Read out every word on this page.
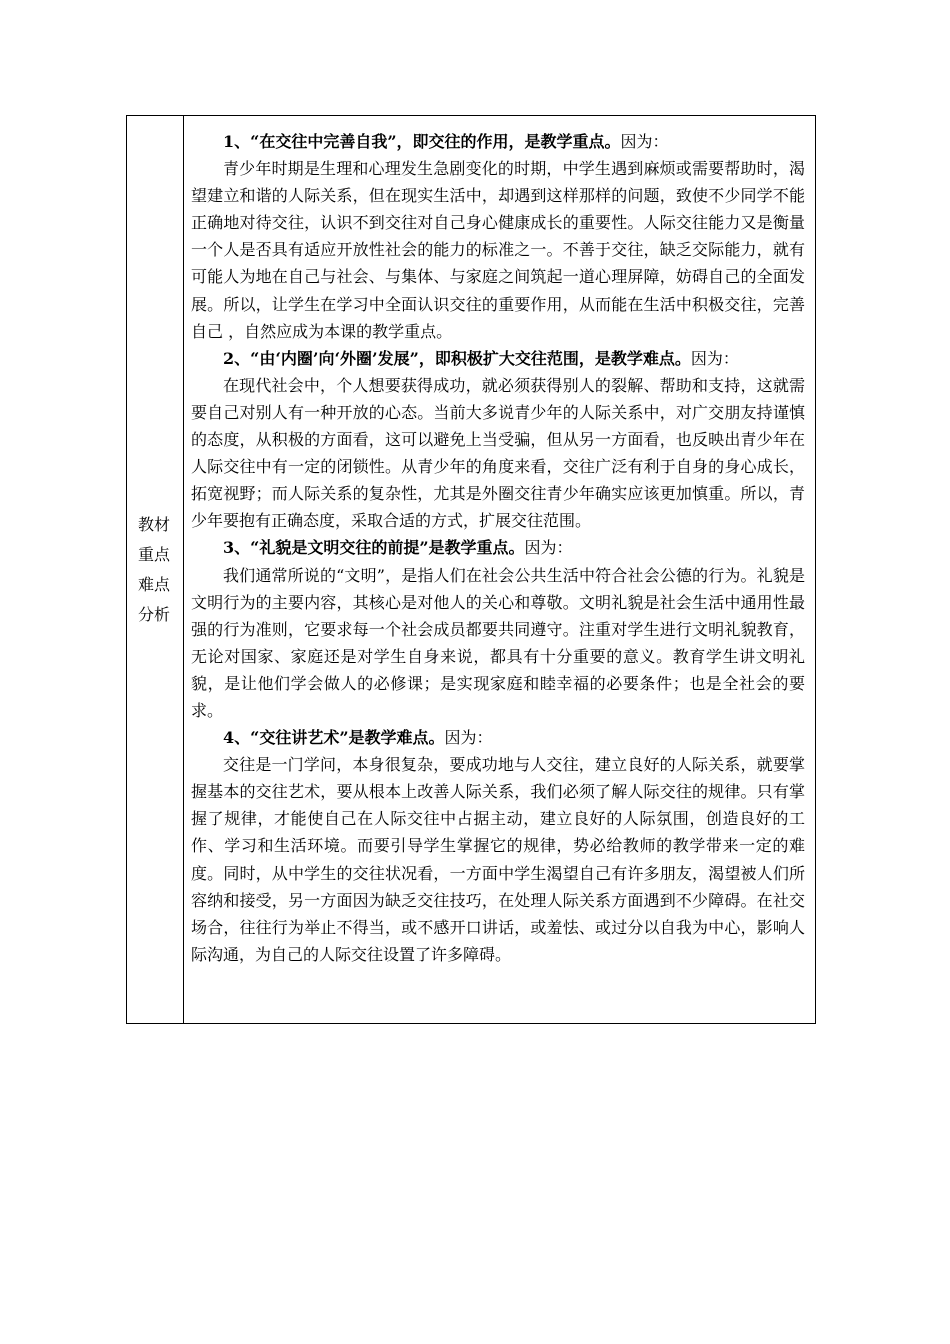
教材重点难点分析

1、“在交往中完善自我”，即交往的作用，是教学重点。因为：

青少年时期是生理和心理发生急剧变化的时期，中学生遇到麻烦或需要帮助时，渴望建立和谐的人际关系，但在现实生活中，却遇到这样那样的问题，致使不少同学不能正确地对待交往，认识不到交往对自己身心健康成长的重要性。人际交往能力又是衡量一个人是否具有适应开放性社会的能力的标准之一。不善于交往，缺乏交际能力，就有可能人为地在自己与社会、与集体、与家庭之间筑起一道心理屏障，妨碍自己的全面发展。所以，让学生在学习中全面认识交往的重要作用，从而能在生活中积极交往，完善自己 ，自然应成为本课的教学重点。

2、“由‘内圈’向‘外圈’发展”，即积极扩大交往范围，是教学难点。因为：

在现代社会中，个人想要获得成功，就必须获得别人的裂解、帮助和支持，这就需要自己对别人有一种开放的心态。当前大多说青少年的人际关系中，对广交朋友持谨慎的态度，从积极的方面看，这可以避免上当受骗，但从另一方面看，也反映出青少年在人际交往中有一定的闭锁性。从青少年的角度来看，交往广泛有利于自身的身心成长，拓宽视野；而人际关系的复杂性，尤其是外圈交往青少年确实应该更加慎重。所以，青少年要抱有正确态度，采取合适的方式，扩展交往范围。

3、“礼貌是文明交往的前提”是教学重点。因为：

我们通常所说的“文明”，是指人们在社会公共生活中符合社会公德的行为。礼貌是文明行为的主要内容，其核心是对他人的关心和尊敬。文明礼貌是社会生活中通用性最强的行为准则，它要求每一个社会成员都要共同遵守。注重对学生进行文明礼貌教育，无论对国家、家庭还是对学生自身来说，都具有十分重要的意义。教育学生讲文明礼貌，是让他们学会做人的必修课；是实现家庭和睦幸福的必要条件；也是全社会的要求。

4、“交往讲艺术”是教学难点。因为：

交往是一门学问，本身很复杂，要成功地与人交往，建立良好的人际关系，就要掌握基本的交往艺术，要从根本上改善人际关系，我们必须了解人际交往的规律。只有掌握了规律，才能使自己在人际交往中占据主动，建立良好的人际氛围，创造良好的工作、学习和生活环境。而要引导学生掌握它的规律，势必给教师的教学带来一定的难度。同时，从中学生的交往状况看，一方面中学生渴望自己有许多朋友，渴望被人们所容纳和接受，另一方面因为缺乏交往技巧，在处理人际关系方面遇到不少障碍。在社交场合，往往行为举止不得当，或不感开口讲话，或羞怯、或过分以自我为中心，影响人际沟通，为自己的人际交往设置了许多障碍。
